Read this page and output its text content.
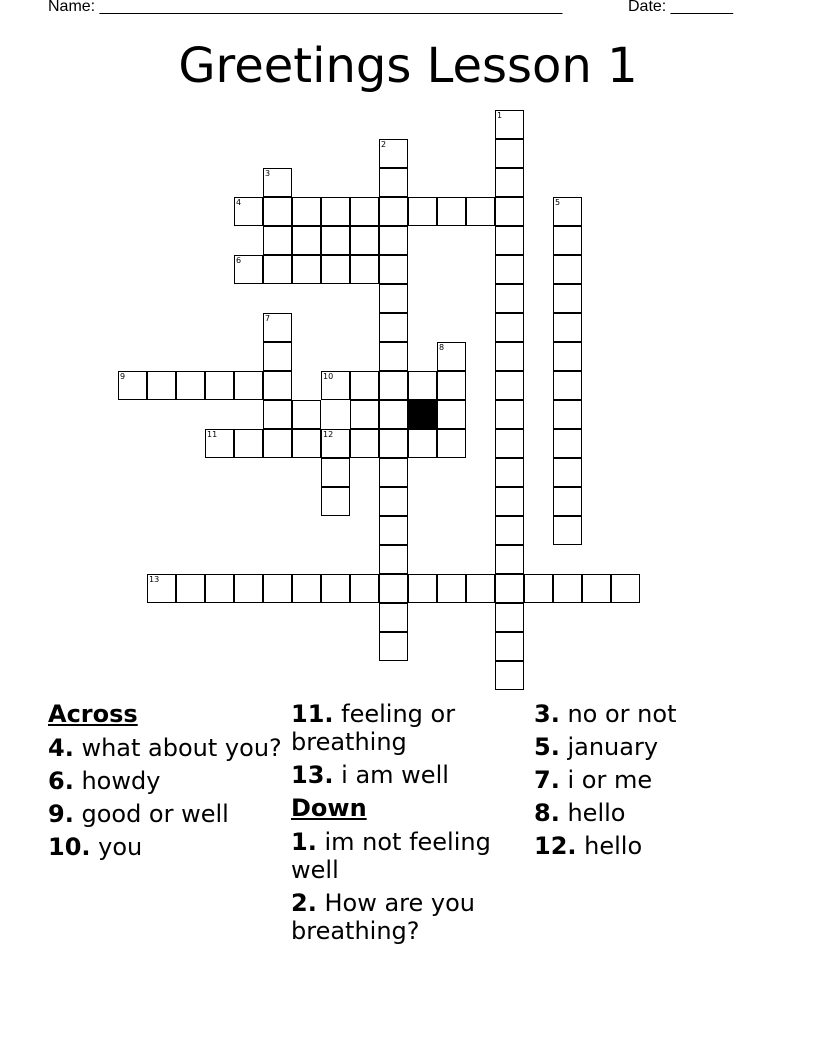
Name: ____________________________________________________

	Date: _______

Greetings Lesson 1
4
6
9	10
11	12
13
1
2
3
5
7
8
Across
4. what about you?
6. howdy
9. good or well
10. you
11. feeling or breathing
13. i am well
Down
1. im not feeling well
2. How are you breathing?
3. no or not
5. january
7. i or me
8. hello
12. hello
